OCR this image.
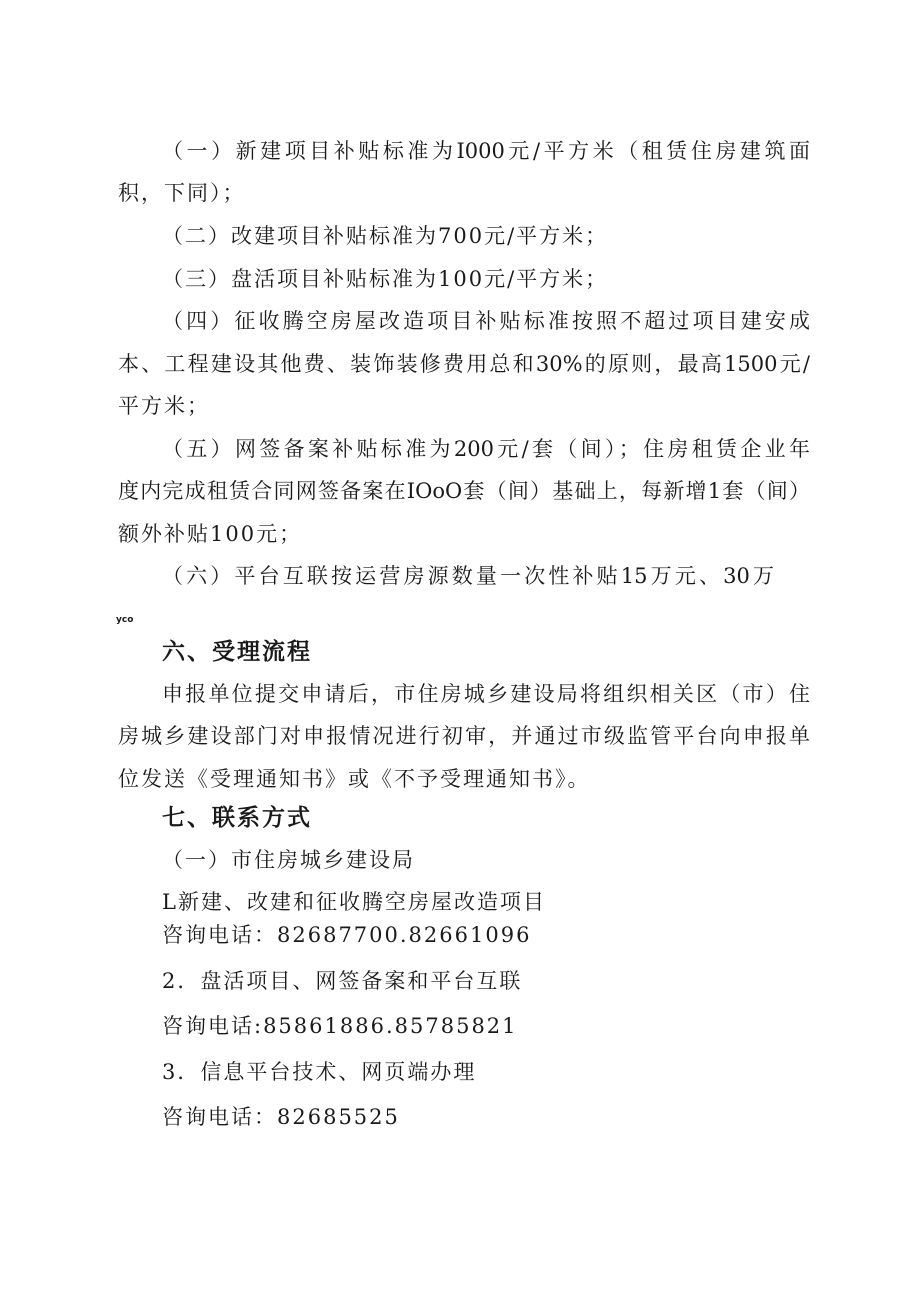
（一）新建项目补贴标准为I000元/平方米（租赁住房建筑面
积，下同）；
（二）改建项目补贴标准为700元/平方米；
（三）盘活项目补贴标准为100元/平方米；
（四）征收腾空房屋改造项目补贴标准按照不超过项目建安成
本、工程建设其他费、装饰装修费用总和30%的原则，最高1500元/
平方米；
（五）网签备案补贴标准为200元/套（间）；住房租赁企业年
度内完成租赁合同网签备案在IOoO套（间）基础上，每新增1套（间）
额外补贴100元；
（六）平台互联按运营房源数量一次性补贴15万元、30万
yco
六、受理流程
申报单位提交申请后，市住房城乡建设局将组织相关区（市）住
房城乡建设部门对申报情况进行初审，并通过市级监管平台向申报单
位发送《受理通知书》或《不予受理通知书》。
七、联系方式
（一）市住房城乡建设局
L新建、改建和征收腾空房屋改造项目
咨询电话：82687700.82661096
2．盘活项目、网签备案和平台互联
咨询电话:85861886.85785821
3．信息平台技术、网页端办理
咨询电话：82685525
